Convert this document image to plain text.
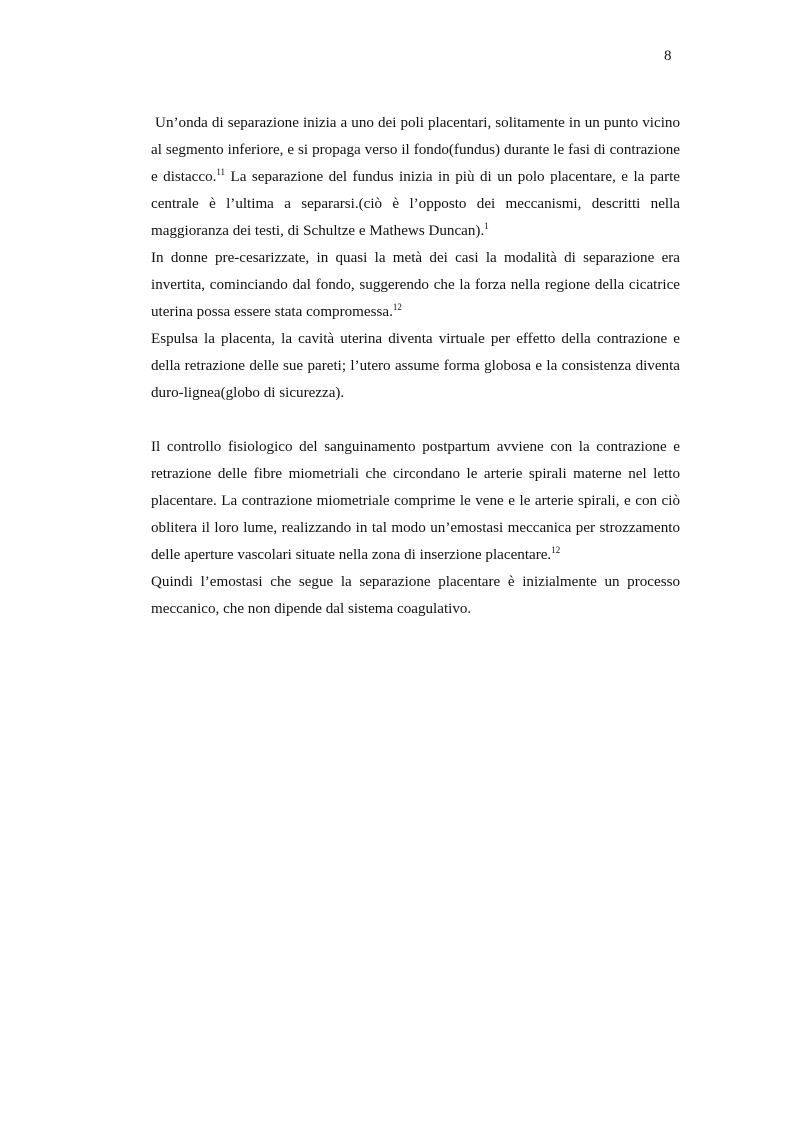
8

Un’onda di separazione inizia a uno dei poli placentari, solitamente in un punto vicino al segmento inferiore, e si propaga verso il fondo(fundus) durante le fasi di contrazione e distacco.$^{11}$ La separazione del fundus inizia in più di un polo placentare, e la parte centrale è l’ultima a separarsi.(ciò è l’opposto dei meccanismi, descritti nella maggioranza dei testi, di Schultze e Mathews Duncan).$^1$

In donne pre-cesarizzate, in quasi la metà dei casi la modalità di separazione era invertita, cominciando dal fondo, suggerendo che la forza nella regione della cicatrice uterina possa essere stata compromessa.$^{12}$

Espulsa la placenta, la cavità uterina diventa virtuale per effetto della contrazione e della retrazione delle sue pareti; l’utero assume forma globosa e la consistenza diventa duro-lignea(globo di sicurezza).

Il controllo fisiologico del sanguinamento postpartum avviene con la contrazione e retrazione delle fibre miometriali che circondano le arterie spirali materne nel letto placentare. La contrazione miometriale comprime le vene e le arterie spirali, e con ciò oblitera il loro lume, realizzando in tal modo un’emostasi meccanica per strozzamento delle aperture vascolari situate nella zona di inserzione placentare.$^{12}$

Quindi l’emostasi che segue la separazione placentare è inizialmente un processo meccanico, che non dipende dal sistema coagulativo.
